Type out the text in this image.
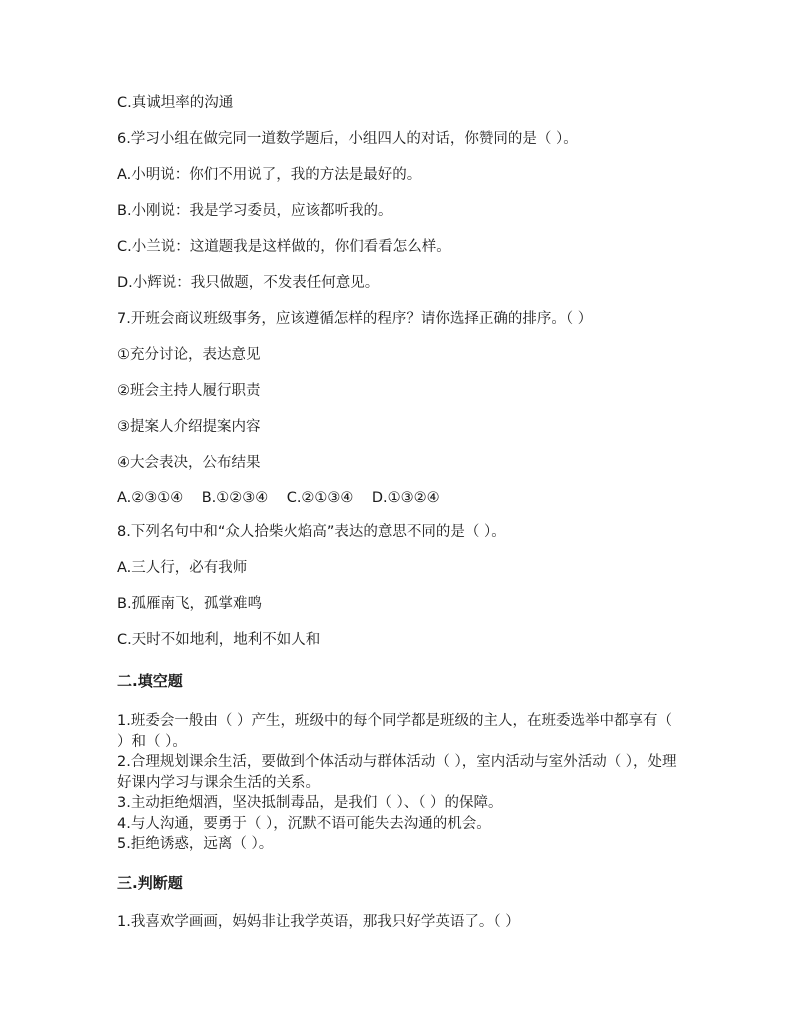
C.真诚坦率的沟通
6.学习小组在做完同一道数学题后，小组四人的对话，你赞同的是（ ）。
A.小明说：你们不用说了，我的方法是最好的。
B.小刚说：我是学习委员，应该都听我的。
C.小兰说：这道题我是这样做的，你们看看怎么样。
D.小辉说：我只做题，不发表任何意见。
7.开班会商议班级事务，应该遵循怎样的程序？请你选择正确的排序。（ ）
①充分讨论，表达意见
②班会主持人履行职责
③提案人介绍提案内容
④大会表决，公布结果
A.②③①④    B.①②③④    C.②①③④    D.①③②④
8.下列名句中和“众人拾柴火焰高”表达的意思不同的是（ ）。
A.三人行，必有我师
B.孤雁南飞，孤掌难鸣
C.天时不如地利，地利不如人和
二.填空题

1.班委会一般由（ ）产生，班级中的每个同学都是班级的主人，在班委选举中都享有（ ）和（ ）。

2.合理规划课余生活，要做到个体活动与群体活动（ ），室内活动与室外活动（ ），处理好课内学习与课余生活的关系。

3.主动拒绝烟酒，坚决抵制毒品，是我们（ ）、（ ）的保障。

4.与人沟通，要勇于（ ），沉默不语可能失去沟通的机会。

5.拒绝诱惑，远离（ ）。

三.判断题
1.我喜欢学画画，妈妈非让我学英语，那我只好学英语了。（ ）
